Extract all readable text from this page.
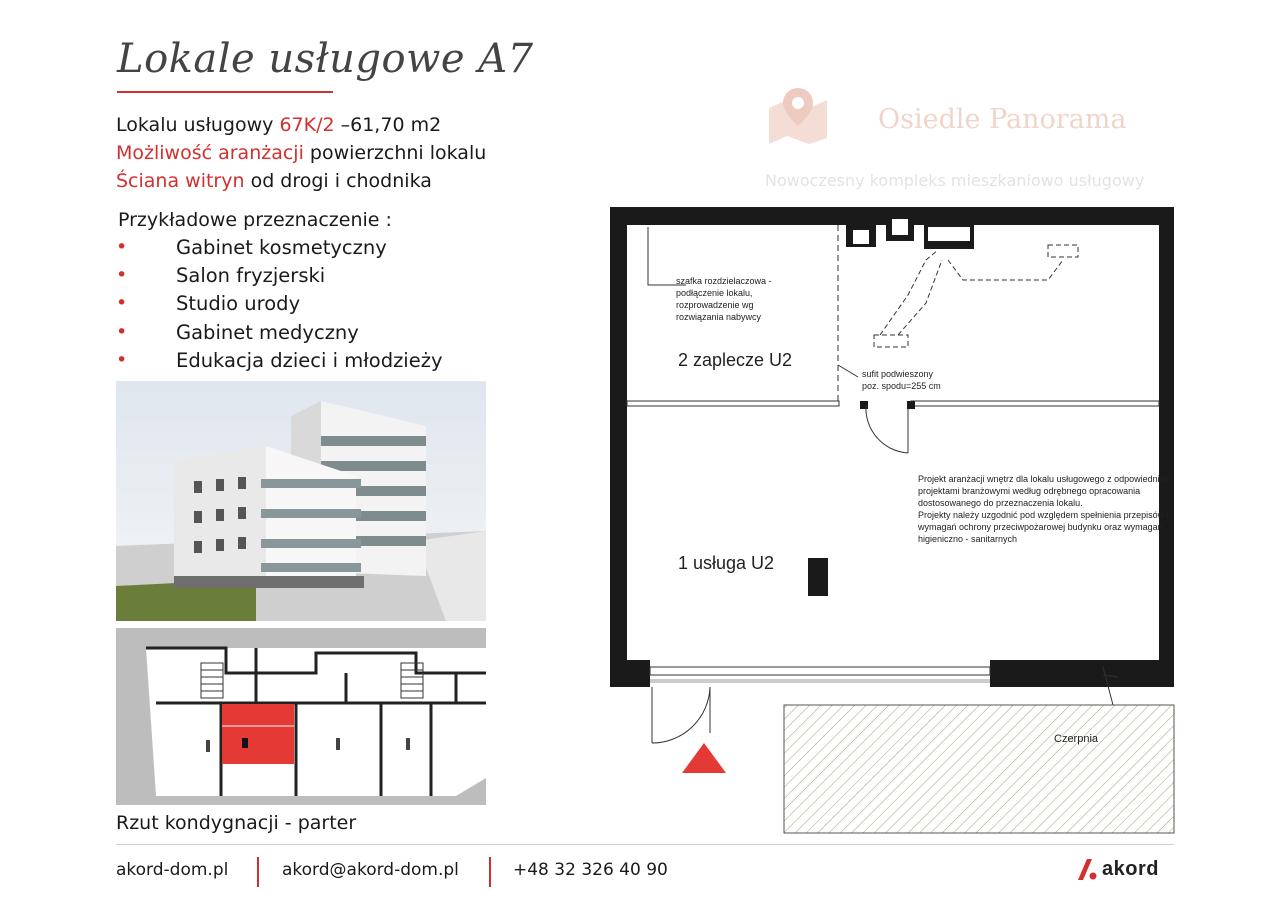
Lokale usługowe A7
Lokalu usługowy 67K/2 –61,70 m2
Możliwość aranżacji powierzchni lokalu
Ściana witryn od drogi i chodnika
Przykładowe przeznaczenie :
•	Gabinet kosmetyczny
•	Salon fryzjerski
•	Studio urody
•	Gabinet medyczny
•	Edukacja dzieci i młodzieży
Rzut kondygnacji - parter
Osiedle Panorama
Nowoczesny kompleks mieszkaniowo usługowy
szafka rozdzielaczowa -
podłączenie lokalu,
rozprowadzenie wg
rozwiązania nabywcy
2 zaplecze U2
sufit podwieszony
poz. spodu=255 cm
Projekt aranżacji wnętrz dla lokalu usługowego z odpowiednimi
projektami branżowymi według odrębnego opracowania
dostosowanego do przeznaczenia lokalu.
Projekty należy uzgodnić pod względem spełnienia przepisów i
wymagań ochrony przeciwpożarowej budynku oraz wymagań
higieniczno - sanitarnych
1 usługa U2
Czerpnia
akord-dom.pl	akord@akord-dom.pl	+48 32 326 40 90	akord
